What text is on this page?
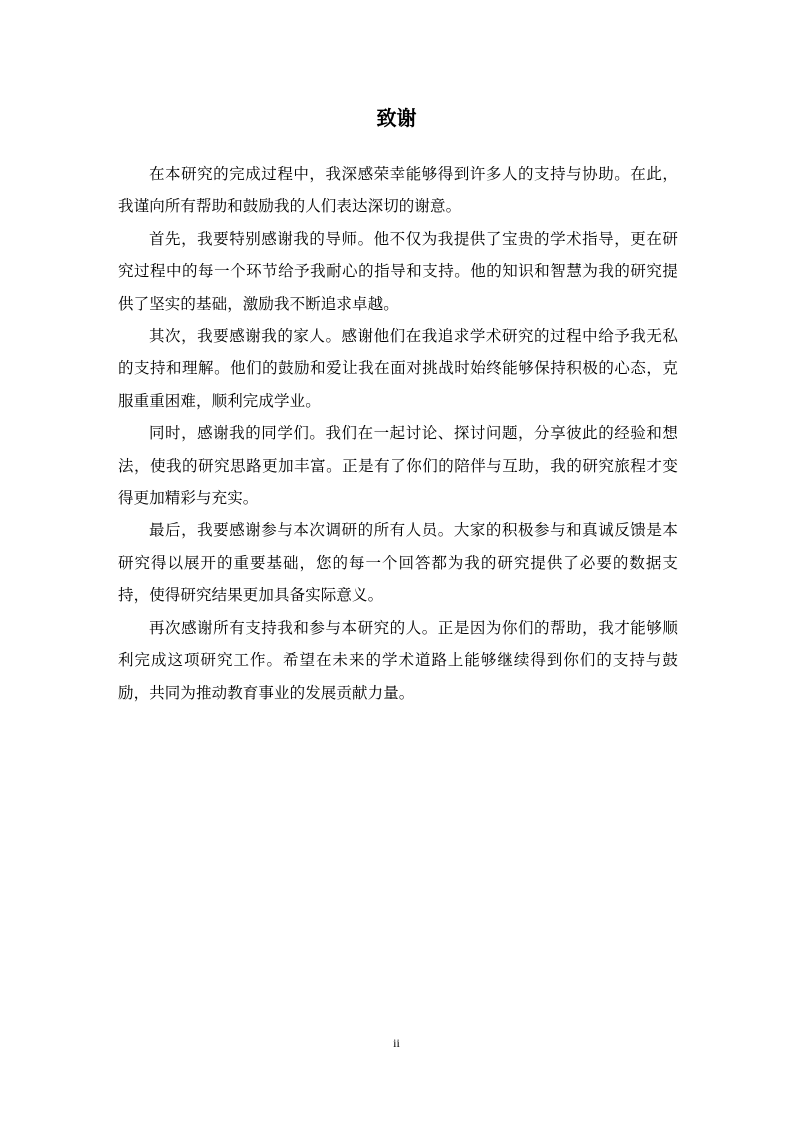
致谢

在本研究的完成过程中，我深感荣幸能够得到许多人的支持与协助。在此，我谨向所有帮助和鼓励我的人们表达深切的谢意。

首先，我要特别感谢我的导师。他不仅为我提供了宝贵的学术指导，更在研究过程中的每一个环节给予我耐心的指导和支持。他的知识和智慧为我的研究提供了坚实的基础，激励我不断追求卓越。

其次，我要感谢我的家人。感谢他们在我追求学术研究的过程中给予我无私的支持和理解。他们的鼓励和爱让我在面对挑战时始终能够保持积极的心态，克服重重困难，顺利完成学业。

同时，感谢我的同学们。我们在一起讨论、探讨问题，分享彼此的经验和想法，使我的研究思路更加丰富。正是有了你们的陪伴与互助，我的研究旅程才变得更加精彩与充实。

最后，我要感谢参与本次调研的所有人员。大家的积极参与和真诚反馈是本研究得以展开的重要基础，您的每一个回答都为我的研究提供了必要的数据支持，使得研究结果更加具备实际意义。

再次感谢所有支持我和参与本研究的人。正是因为你们的帮助，我才能够顺利完成这项研究工作。希望在未来的学术道路上能够继续得到你们的支持与鼓励，共同为推动教育事业的发展贡献力量。

ii
